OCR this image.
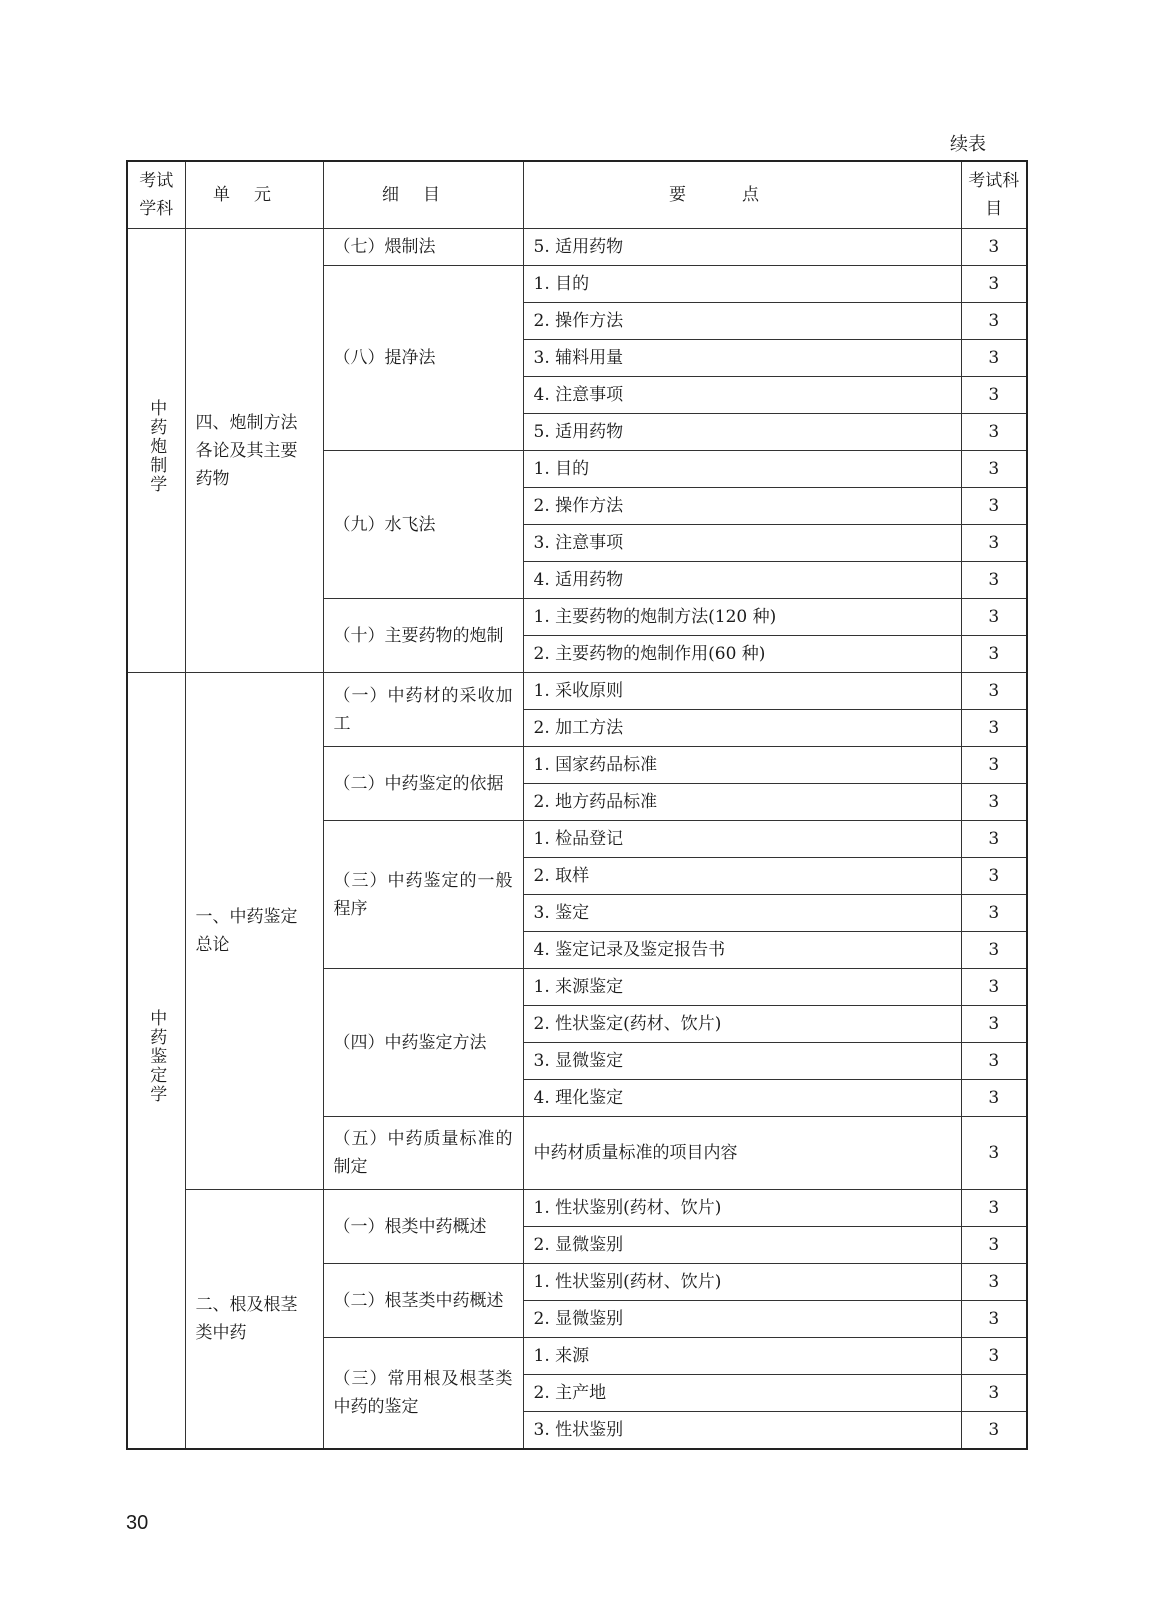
续表
考试学科	单元	细目	要点	考试科目
中药炮制学	四、炮制方法各论及其主要药物	（七）煨制法	5. 适用药物	3
		（八）提净法	1. 目的	3
			2. 操作方法	3
			3. 辅料用量	3
			4. 注意事项	3
			5. 适用药物	3
		（九）水飞法	1. 目的	3
			2. 操作方法	3
			3. 注意事项	3
			4. 适用药物	3
		（十）主要药物的炮制	1. 主要药物的炮制方法(120 种)	3
			2. 主要药物的炮制作用(60 种)	3
中药鉴定学	一、中药鉴定总论	（一）中药材的采收加工	1. 采收原则	3
			2. 加工方法	3
		（二）中药鉴定的依据	1. 国家药品标准	3
			2. 地方药品标准	3
		（三）中药鉴定的一般程序	1. 检品登记	3
			2. 取样	3
			3. 鉴定	3
			4. 鉴定记录及鉴定报告书	3
		（四）中药鉴定方法	1. 来源鉴定	3
			2. 性状鉴定(药材、饮片)	3
			3. 显微鉴定	3
			4. 理化鉴定	3
		（五）中药质量标准的制定	中药材质量标准的项目内容	3
	二、根及根茎类中药	（一）根类中药概述	1. 性状鉴别(药材、饮片)	3
			2. 显微鉴别	3
		（二）根茎类中药概述	1. 性状鉴别(药材、饮片)	3
			2. 显微鉴别	3
		（三）常用根及根茎类中药的鉴定	1. 来源	3
			2. 主产地	3
			3. 性状鉴别	3
30
